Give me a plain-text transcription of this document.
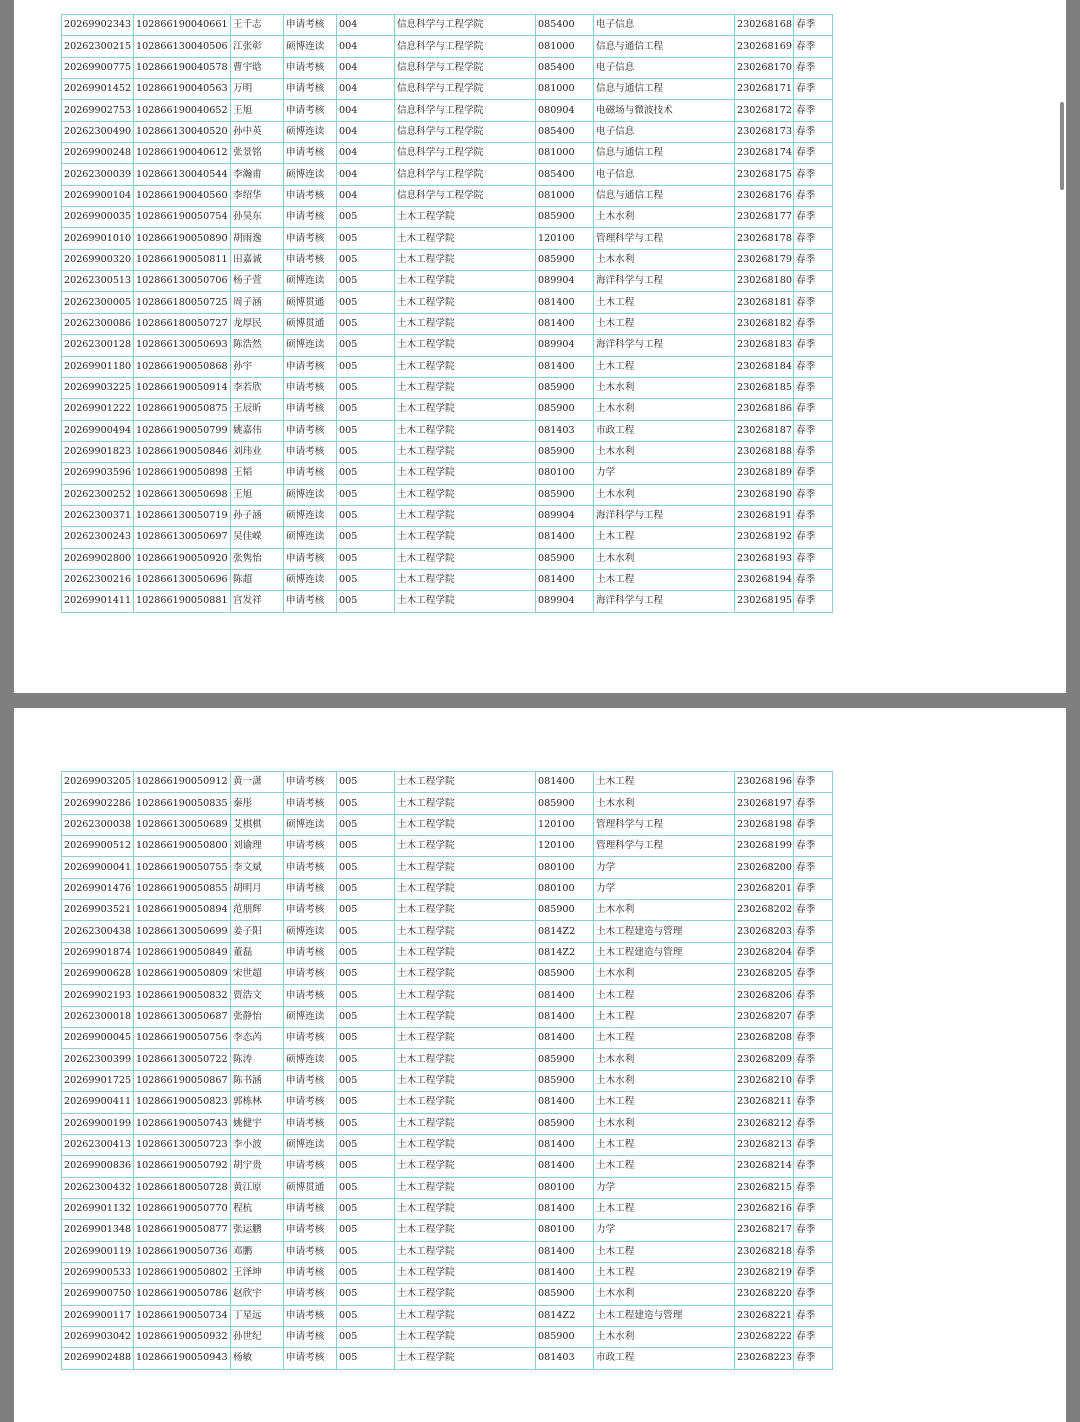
20269902343	102866190040661	王千志	申请考核	004	信息科学与工程学院	085400	电子信息	230268168	春季
20262300215	102866130040506	江张彰	硕博连读	004	信息科学与工程学院	081000	信息与通信工程	230268169	春季
20269900775	102866190040578	曹宇晗	申请考核	004	信息科学与工程学院	085400	电子信息	230268170	春季
20269901452	102866190040563	万明	申请考核	004	信息科学与工程学院	081000	信息与通信工程	230268171	春季
20269902753	102866190040652	王旭	申请考核	004	信息科学与工程学院	080904	电磁场与微波技术	230268172	春季
20262300490	102866130040520	孙中英	硕博连读	004	信息科学与工程学院	085400	电子信息	230268173	春季
20269900248	102866190040612	张景铭	申请考核	004	信息科学与工程学院	081000	信息与通信工程	230268174	春季
20262300039	102866130040544	李瀚甫	硕博连读	004	信息科学与工程学院	085400	电子信息	230268175	春季
20269900104	102866190040560	李绍华	申请考核	004	信息科学与工程学院	081000	信息与通信工程	230268176	春季
20269900035	102866190050754	孙昊东	申请考核	005	土木工程学院	085900	土木水利	230268177	春季
20269901010	102866190050890	胡雨逸	申请考核	005	土木工程学院	120100	管理科学与工程	230268178	春季
20269900320	102866190050811	田嘉诚	申请考核	005	土木工程学院	085900	土木水利	230268179	春季
20262300513	102866130050706	杨子萱	硕博连读	005	土木工程学院	089904	海洋科学与工程	230268180	春季
20262300005	102866180050725	周子涵	硕博贯通	005	土木工程学院	081400	土木工程	230268181	春季
20262300086	102866180050727	龙厚民	硕博贯通	005	土木工程学院	081400	土木工程	230268182	春季
20262300128	102866130050693	陈浩然	硕博连读	005	土木工程学院	089904	海洋科学与工程	230268183	春季
20269901180	102866190050868	孙宇	申请考核	005	土木工程学院	081400	土木工程	230268184	春季
20269903225	102866190050914	李若欣	申请考核	005	土木工程学院	085900	土木水利	230268185	春季
20269901222	102866190050875	王辰昕	申请考核	005	土木工程学院	085900	土木水利	230268186	春季
20269900494	102866190050799	姚嘉伟	申请考核	005	土木工程学院	081403	市政工程	230268187	春季
20269901823	102866190050846	刘玮业	申请考核	005	土木工程学院	085900	土木水利	230268188	春季
20269903596	102866190050898	王韬	申请考核	005	土木工程学院	080100	力学	230268189	春季
20262300252	102866130050698	王旭	硕博连读	005	土木工程学院	085900	土木水利	230268190	春季
20262300371	102866130050719	孙子涵	硕博连读	005	土木工程学院	089904	海洋科学与工程	230268191	春季
20262300243	102866130050697	吴佳嵘	硕博连读	005	土木工程学院	081400	土木工程	230268192	春季
20269902800	102866190050920	张隽怡	申请考核	005	土木工程学院	085900	土木水利	230268193	春季
20262300216	102866130050696	陈超	硕博连读	005	土木工程学院	081400	土木工程	230268194	春季
20269901411	102866190050881	宫发祥	申请考核	005	土木工程学院	089904	海洋科学与工程	230268195	春季
20269903205	102866190050912	黄一潇	申请考核	005	土木工程学院	081400	土木工程	230268196	春季
20269902286	102866190050835	秦彤	申请考核	005	土木工程学院	085900	土木水利	230268197	春季
20262300038	102866130050689	艾棋棋	硕博连读	005	土木工程学院	120100	管理科学与工程	230268198	春季
20269900512	102866190050800	刘谕理	申请考核	005	土木工程学院	120100	管理科学与工程	230268199	春季
20269900041	102866190050755	李文斌	申请考核	005	土木工程学院	080100	力学	230268200	春季
20269901476	102866190050855	胡明月	申请考核	005	土木工程学院	080100	力学	230268201	春季
20269903521	102866190050894	范朋辉	申请考核	005	土木工程学院	085900	土木水利	230268202	春季
20262300438	102866130050699	姜子阳	硕博连读	005	土木工程学院	0814Z2	土木工程建造与管理	230268203	春季
20269901874	102866190050849	董磊	申请考核	005	土木工程学院	0814Z2	土木工程建造与管理	230268204	春季
20269900628	102866190050809	宋世超	申请考核	005	土木工程学院	085900	土木水利	230268205	春季
20269902193	102866190050832	贾浩文	申请考核	005	土木工程学院	081400	土木工程	230268206	春季
20262300018	102866130050687	张静怡	硕博连读	005	土木工程学院	081400	土木工程	230268207	春季
20269900045	102866190050756	李态芮	申请考核	005	土木工程学院	081400	土木工程	230268208	春季
20262300399	102866130050722	陈涛	硕博连读	005	土木工程学院	085900	土木水利	230268209	春季
20269901725	102866190050867	陈书涵	申请考核	005	土木工程学院	085900	土木水利	230268210	春季
20269900411	102866190050823	郭栋林	申请考核	005	土木工程学院	081400	土木工程	230268211	春季
20269900199	102866190050743	姚健宇	申请考核	005	土木工程学院	085900	土木水利	230268212	春季
20262300413	102866130050723	李小波	硕博连读	005	土木工程学院	081400	土木工程	230268213	春季
20269900836	102866190050792	胡宁贵	申请考核	005	土木工程学院	081400	土木工程	230268214	春季
20262300432	102866180050728	黄江原	硕博贯通	005	土木工程学院	080100	力学	230268215	春季
20269901132	102866190050770	程杭	申请考核	005	土木工程学院	081400	土木工程	230268216	春季
20269901348	102866190050877	张运鹏	申请考核	005	土木工程学院	080100	力学	230268217	春季
20269900119	102866190050736	邓鹏	申请考核	005	土木工程学院	081400	土木工程	230268218	春季
20269900533	102866190050802	王泽坤	申请考核	005	土木工程学院	081400	土木工程	230268219	春季
20269900750	102866190050786	赵欣宇	申请考核	005	土木工程学院	085900	土木水利	230268220	春季
20269900117	102866190050734	丁星远	申请考核	005	土木工程学院	0814Z2	土木工程建造与管理	230268221	春季
20269903042	102866190050932	孙世纪	申请考核	005	土木工程学院	085900	土木水利	230268222	春季
20269902488	102866190050943	杨敏	申请考核	005	土木工程学院	081403	市政工程	230268223	春季
